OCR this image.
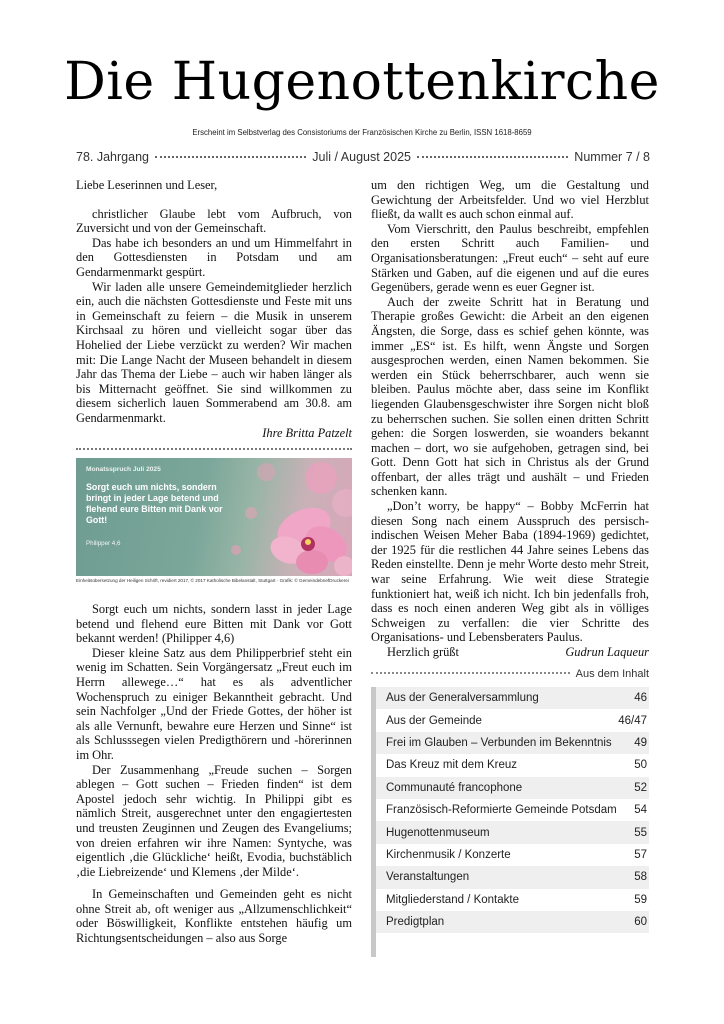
Die Hugenottenkirche
Erscheint im Selbstverlag des Consistoriums der Französischen Kirche zu Berlin, ISSN 1618-8659
78. Jahrgang	Juli / August 2025	Nummer 7 / 8

Liebe Leserinnen und Leser,

christlicher Glaube lebt vom Aufbruch, von Zuversicht und von der Gemeinschaft.

Das habe ich besonders an und um Himmelfahrt in den Gottesdiensten in Potsdam und am Gendarmenmarkt gespürt.

Wir laden alle unsere Gemeindemitglieder herzlich ein, auch die nächsten Gottesdienste und Feste mit uns in Gemeinschaft zu feiern – die Musik in unserem Kirchsaal zu hören und vielleicht sogar über das Hohelied der Liebe verzückt zu werden? Wir machen mit: Die Lange Nacht der Museen behandelt in diesem Jahr das Thema der Liebe – auch wir haben länger als bis Mitternacht geöffnet. Sie sind willkommen zu diesem sicherlich lauen Sommerabend am 30.8. am Gendarmenmarkt.

Ihre Britta Patzelt

Monatsspruch Juli 2025
Sorgt euch um nichts, sondern bringt in jeder Lage betend und flehend eure Bitten mit Dank vor Gott!
Philipper 4,6
Einheitsübersetzung der Heiligen Schrift, revidiert 2017, © 2017 Katholische Bibelanstalt, Stuttgart · Grafik: © GemeindebriefDruckerei

Sorgt euch um nichts, sondern lasst in jeder Lage betend und flehend eure Bitten mit Dank vor Gott bekannt werden! (Philipper 4,6)

Dieser kleine Satz aus dem Philipperbrief steht ein wenig im Schatten. Sein Vorgängersatz „Freut euch im Herrn allewege…“ hat es als adventlicher Wochenspruch zu einiger Bekanntheit gebracht. Und sein Nachfolger „Und der Friede Gottes, der höher ist als alle Vernunft, bewahre eure Herzen und Sinne“ ist als Schlusssegen vielen Predigthörern und -hörerinnen im Ohr.

Der Zusammenhang „Freude suchen – Sorgen ablegen – Gott suchen – Frieden finden“ ist dem Apostel jedoch sehr wichtig. In Philippi gibt es nämlich Streit, ausgerechnet unter den engagiertesten und treusten Zeuginnen und Zeugen des Evangeliums; von dreien erfahren wir ihre Namen: Syntyche, was eigentlich ‚die Glückliche‘ heißt, Evodia, buchstäblich ‚die Liebreizende‘ und Klemens ‚der Milde‘.

In Gemeinschaften und Gemeinden geht es nicht ohne Streit ab, oft weniger aus „Allzumenschlichkeit“ oder Böswilligkeit, Konflikte entstehen häufig um Richtungsentscheidungen – also aus Sorge

um den richtigen Weg, um die Gestaltung und Gewichtung der Arbeitsfelder. Und wo viel Herzblut fließt, da wallt es auch schon einmal auf.

Vom Vierschritt, den Paulus beschreibt, empfehlen den ersten Schritt auch Familien- und Organisationsberatungen: „Freut euch“ – seht auf eure Stärken und Gaben, auf die eigenen und auf die eures Gegenübers, gerade wenn es euer Gegner ist.

Auch der zweite Schritt hat in Beratung und Therapie großes Gewicht: die Arbeit an den eigenen Ängsten, die Sorge, dass es schief gehen könnte, was immer „ES“ ist. Es hilft, wenn Ängste und Sorgen ausgesprochen werden, einen Namen bekommen. Sie werden ein Stück beherrschbarer, auch wenn sie bleiben. Paulus möchte aber, dass seine im Konflikt liegenden Glaubensgeschwister ihre Sorgen nicht bloß zu beherrschen suchen. Sie sollen einen dritten Schritt gehen: die Sorgen loswerden, sie woanders bekannt machen – dort, wo sie aufgehoben, getragen sind, bei Gott. Denn Gott hat sich in Christus als der Grund offenbart, der alles trägt und aushält – und Frieden schenken kann.

„Don’t worry, be happy“ – Bobby McFerrin hat diesen Song nach einem Ausspruch des persisch-indischen Weisen Meher Baba (1894-1969) gedichtet, der 1925 für die restlichen 44 Jahre seines Lebens das Reden einstellte. Denn je mehr Worte desto mehr Streit, war seine Erfahrung. Wie weit diese Strategie funktioniert hat, weiß ich nicht. Ich bin jedenfalls froh, dass es noch einen anderen Weg gibt als in völliges Schweigen zu verfallen: die vier Schritte des Organisations- und Lebensberaters Paulus.

Herzlich grüßt	Gudrun Laqueur
Aus dem Inhalt
Aus der Generalversammlung	46
Aus der Gemeinde	46/47
Frei im Glauben – Verbunden im Bekenntnis 49
Das Kreuz mit dem Kreuz	50
Communauté francophone	52
Französisch-Reformierte Gemeinde Potsdam 54
Hugenottenmuseum	55
Kirchenmusik / Konzerte	57
Veranstaltungen	58
Mitgliederstand / Kontakte	59
Predigtplan	60
